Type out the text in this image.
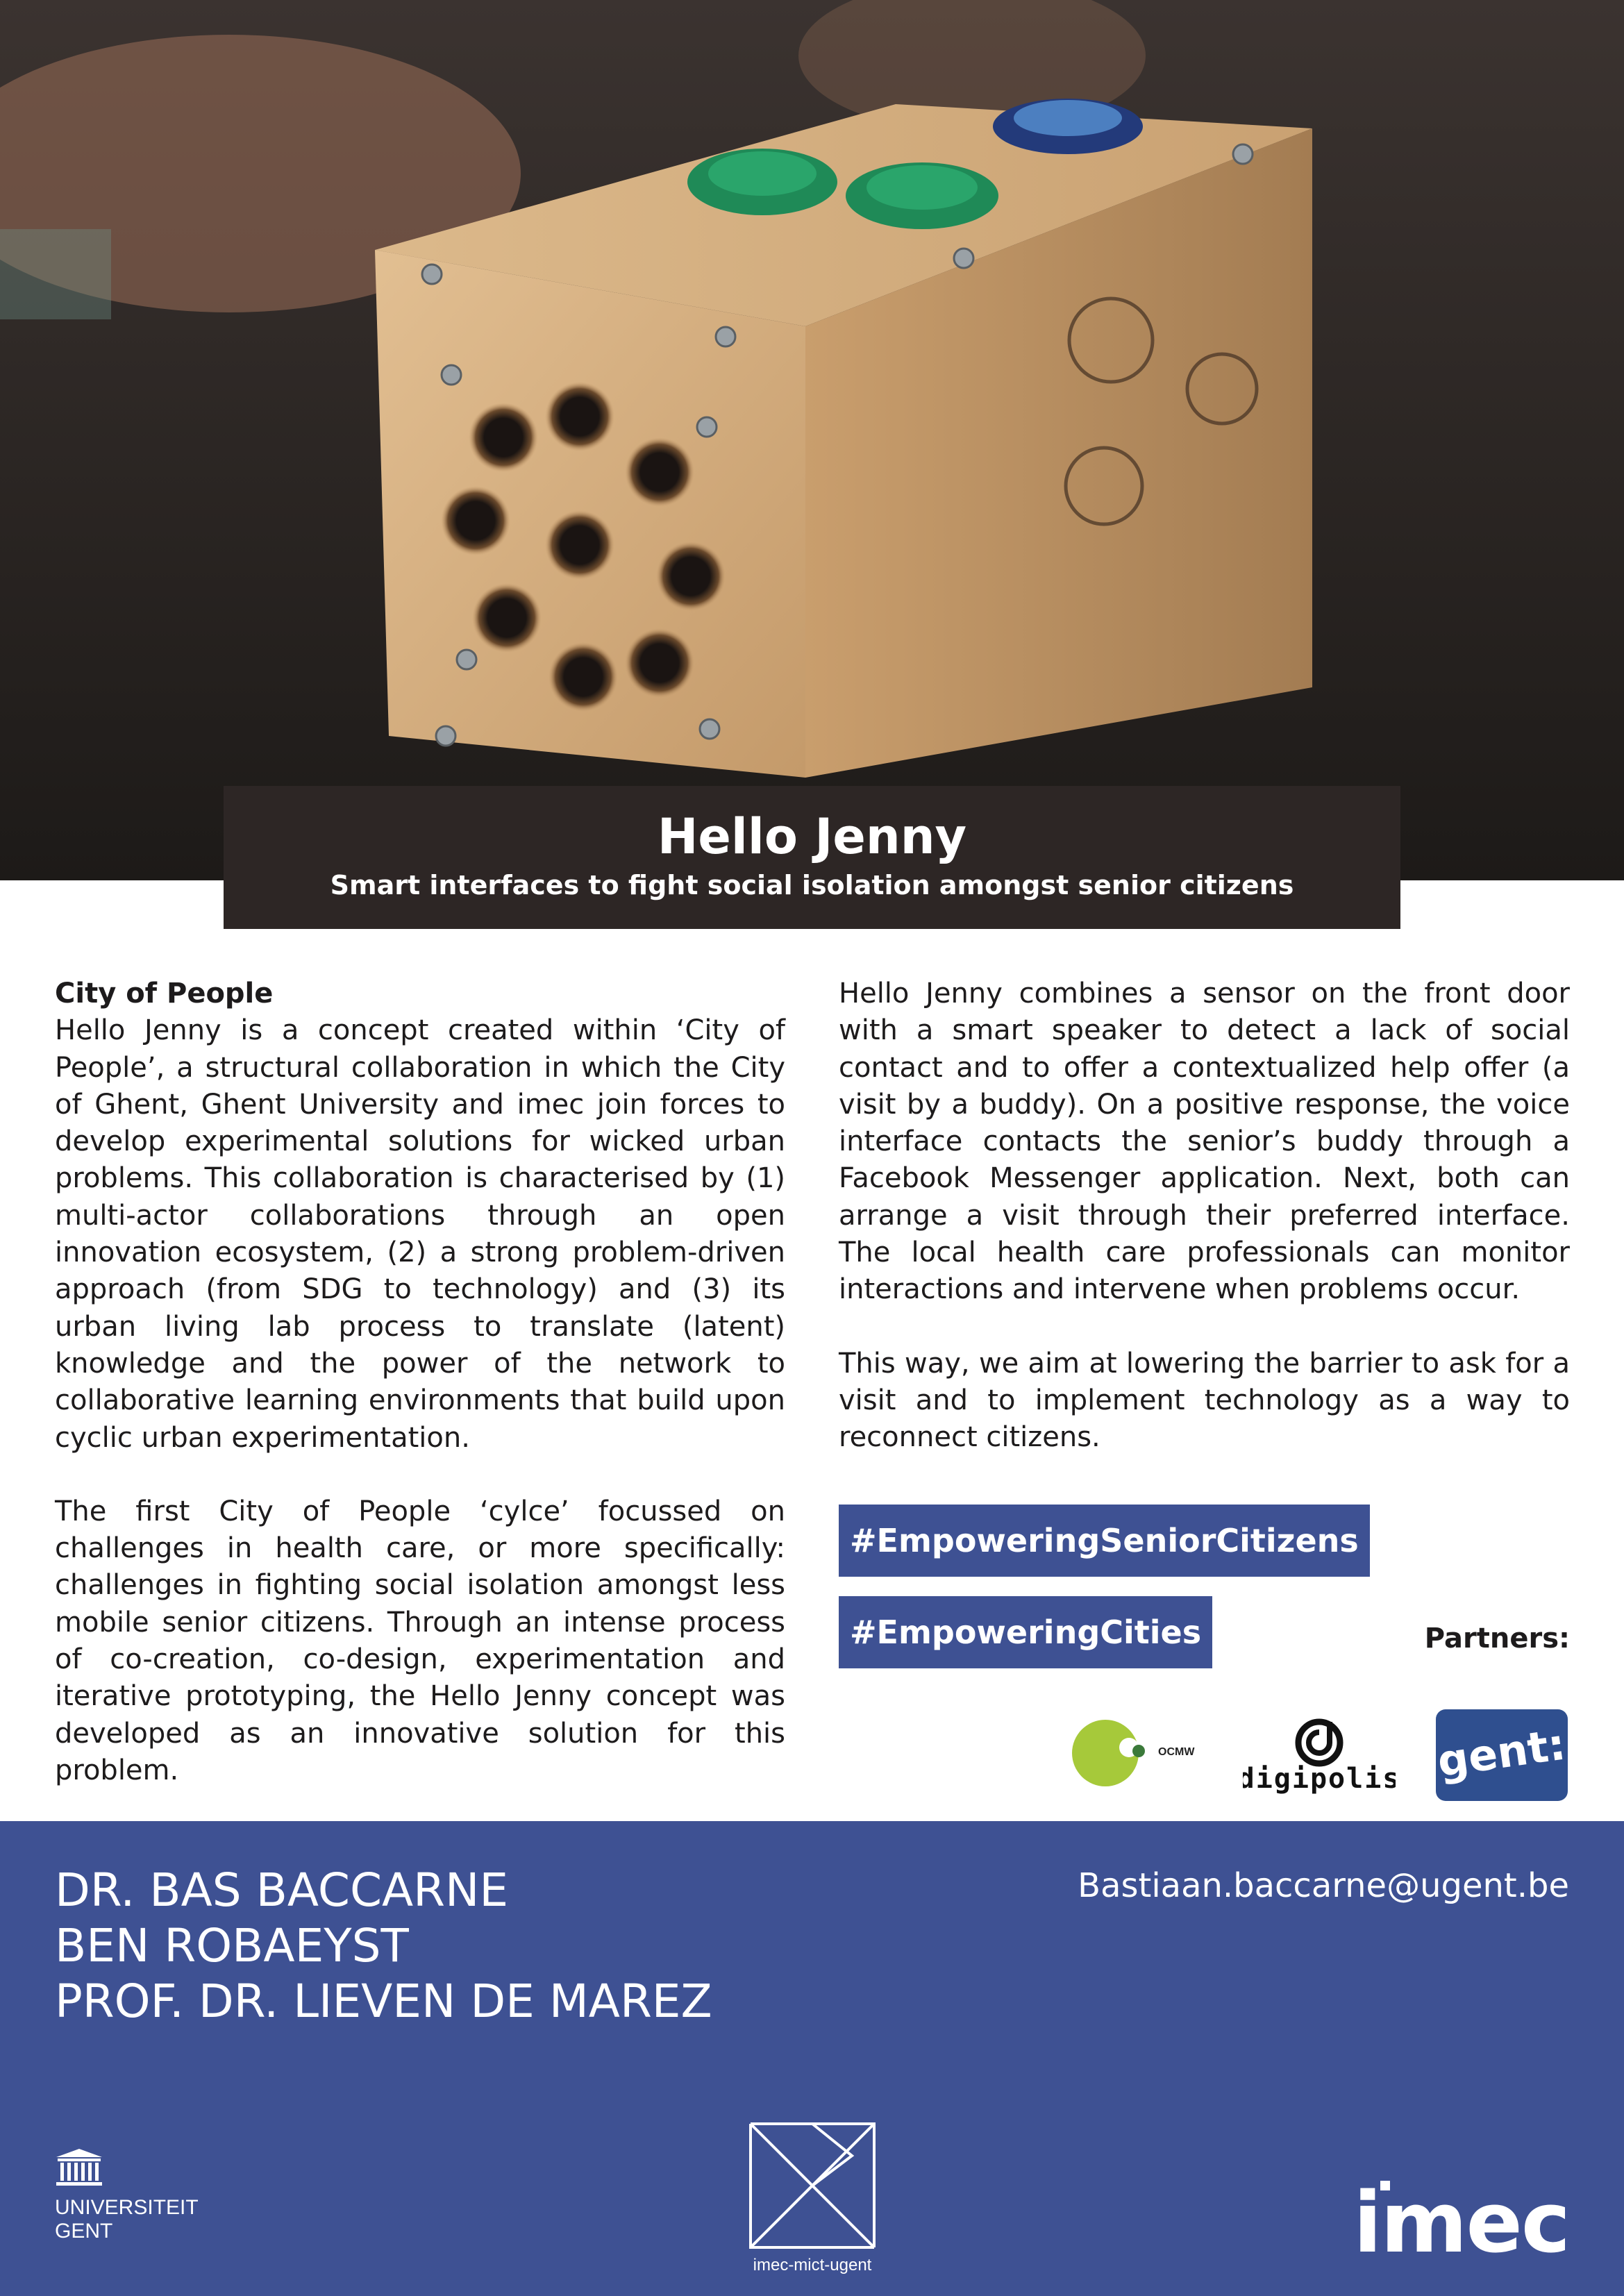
Hello Jenny
Smart interfaces to fight social isolation amongst senior citizens

City of People

Hello Jenny is a concept created within ‘City of People’, a structural collaboration in which the City of Ghent, Ghent University and imec join forces to develop experimental solutions for wicked urban problems. This collaboration is characterised by (1) multi-actor collaborations through an open innovation ecosystem, (2) a strong problem-driven approach (from SDG to technology) and (3) its urban living lab process to translate (latent) knowledge and the power of the network to collaborative learning environments that build upon cyclic urban experimentation.

The first City of People ‘cylce’ focussed on challenges in health care, or more specifically: challenges in fighting social isolation amongst less mobile senior citizens. Through an intense process of co-creation, co-design, experimentation and iterative prototyping, the Hello Jenny concept was developed as an innovative solution for this problem.

Hello Jenny combines a sensor on the front door with a smart speaker to detect a lack of social contact and to offer a contextualized help offer (a visit by a buddy). On a positive response, the voice interface contacts the senior’s buddy through a Facebook Messenger application. Next, both can arrange a visit through their preferred interface. The local health care professionals can monitor interactions and intervene when problems occur.

This way, we aim at lowering the barrier to ask for a visit and to implement technology as a way to reconnect citizens.

#EmpoweringSeniorCitizens
#EmpoweringCities	Partners:
OCMW
digipolis gent:
DR. BAS BACCARNE
BEN ROBAEYST
PROF. DR. LIEVEN DE MAREZ
Bastiaan.baccarne@ugent.be
UNIVERSITEIT
GENT
imec-mict-ugent	imec
